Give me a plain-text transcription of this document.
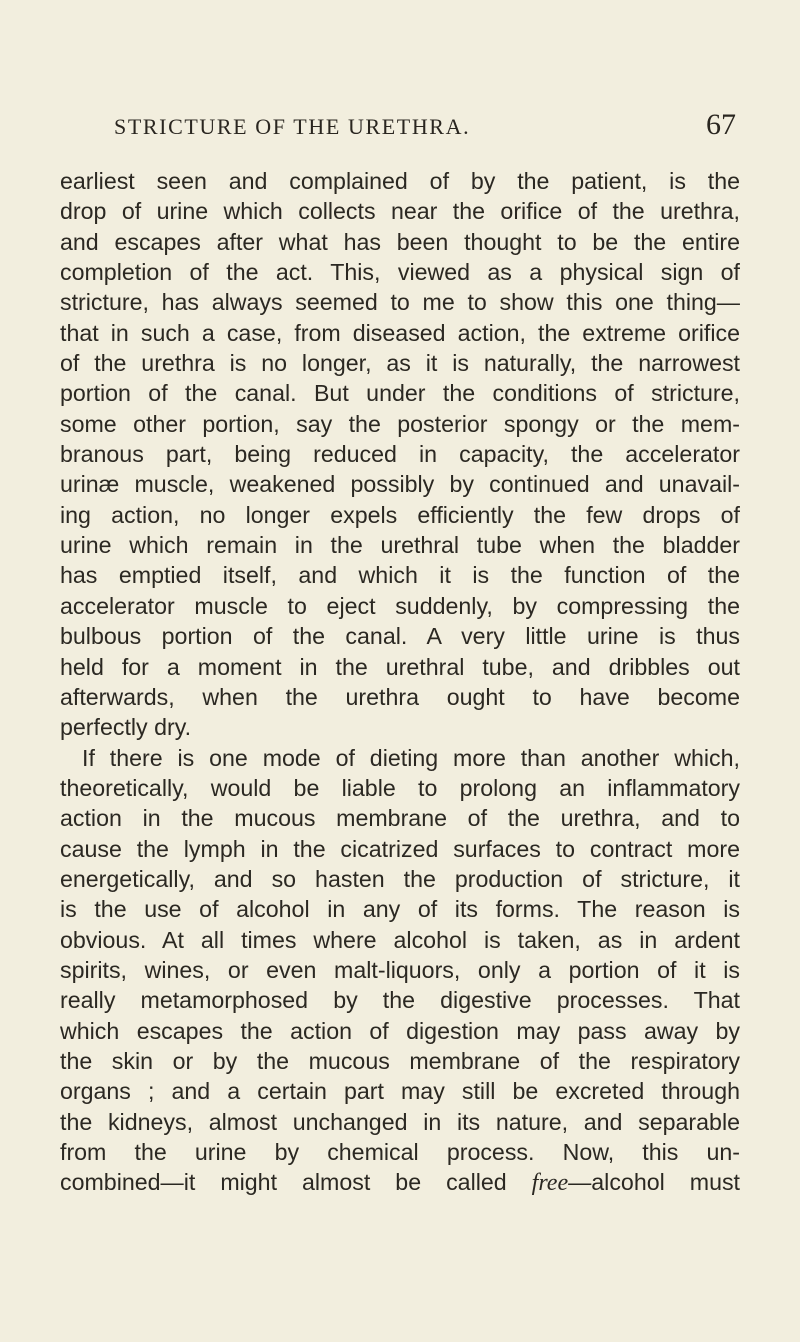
STRICTURE OF THE URETHRA.	67
earliest seen and complained of by the patient, is the
drop of urine which collects near the orifice of the urethra,
and escapes after what has been thought to be the entire
completion of the act. This, viewed as a physical sign of
stricture, has always seemed to me to show this one thing—
that in such a case, from diseased action, the extreme orifice
of the urethra is no longer, as it is naturally, the narrowest
portion of the canal. But under the conditions of stricture,
some other portion, say the posterior spongy or the mem-
branous part, being reduced in capacity, the accelerator
urinæ muscle, weakened possibly by continued and unavail-
ing action, no longer expels efficiently the few drops of
urine which remain in the urethral tube when the bladder
has emptied itself, and which it is the function of the
accelerator muscle to eject suddenly, by compressing the
bulbous portion of the canal. A very little urine is thus
held for a moment in the urethral tube, and dribbles out
afterwards, when the urethra ought to have become
perfectly dry.
If there is one mode of dieting more than another which,
theoretically, would be liable to prolong an inflammatory
action in the mucous membrane of the urethra, and to
cause the lymph in the cicatrized surfaces to contract more
energetically, and so hasten the production of stricture, it
is the use of alcohol in any of its forms. The reason is
obvious. At all times where alcohol is taken, as in ardent
spirits, wines, or even malt-liquors, only a portion of it is
really metamorphosed by the digestive processes. That
which escapes the action of digestion may pass away by
the skin or by the mucous membrane of the respiratory
organs ; and a certain part may still be excreted through
the kidneys, almost unchanged in its nature, and separable
from the urine by chemical process. Now, this un-
combined—it might almost be called free—alcohol must
